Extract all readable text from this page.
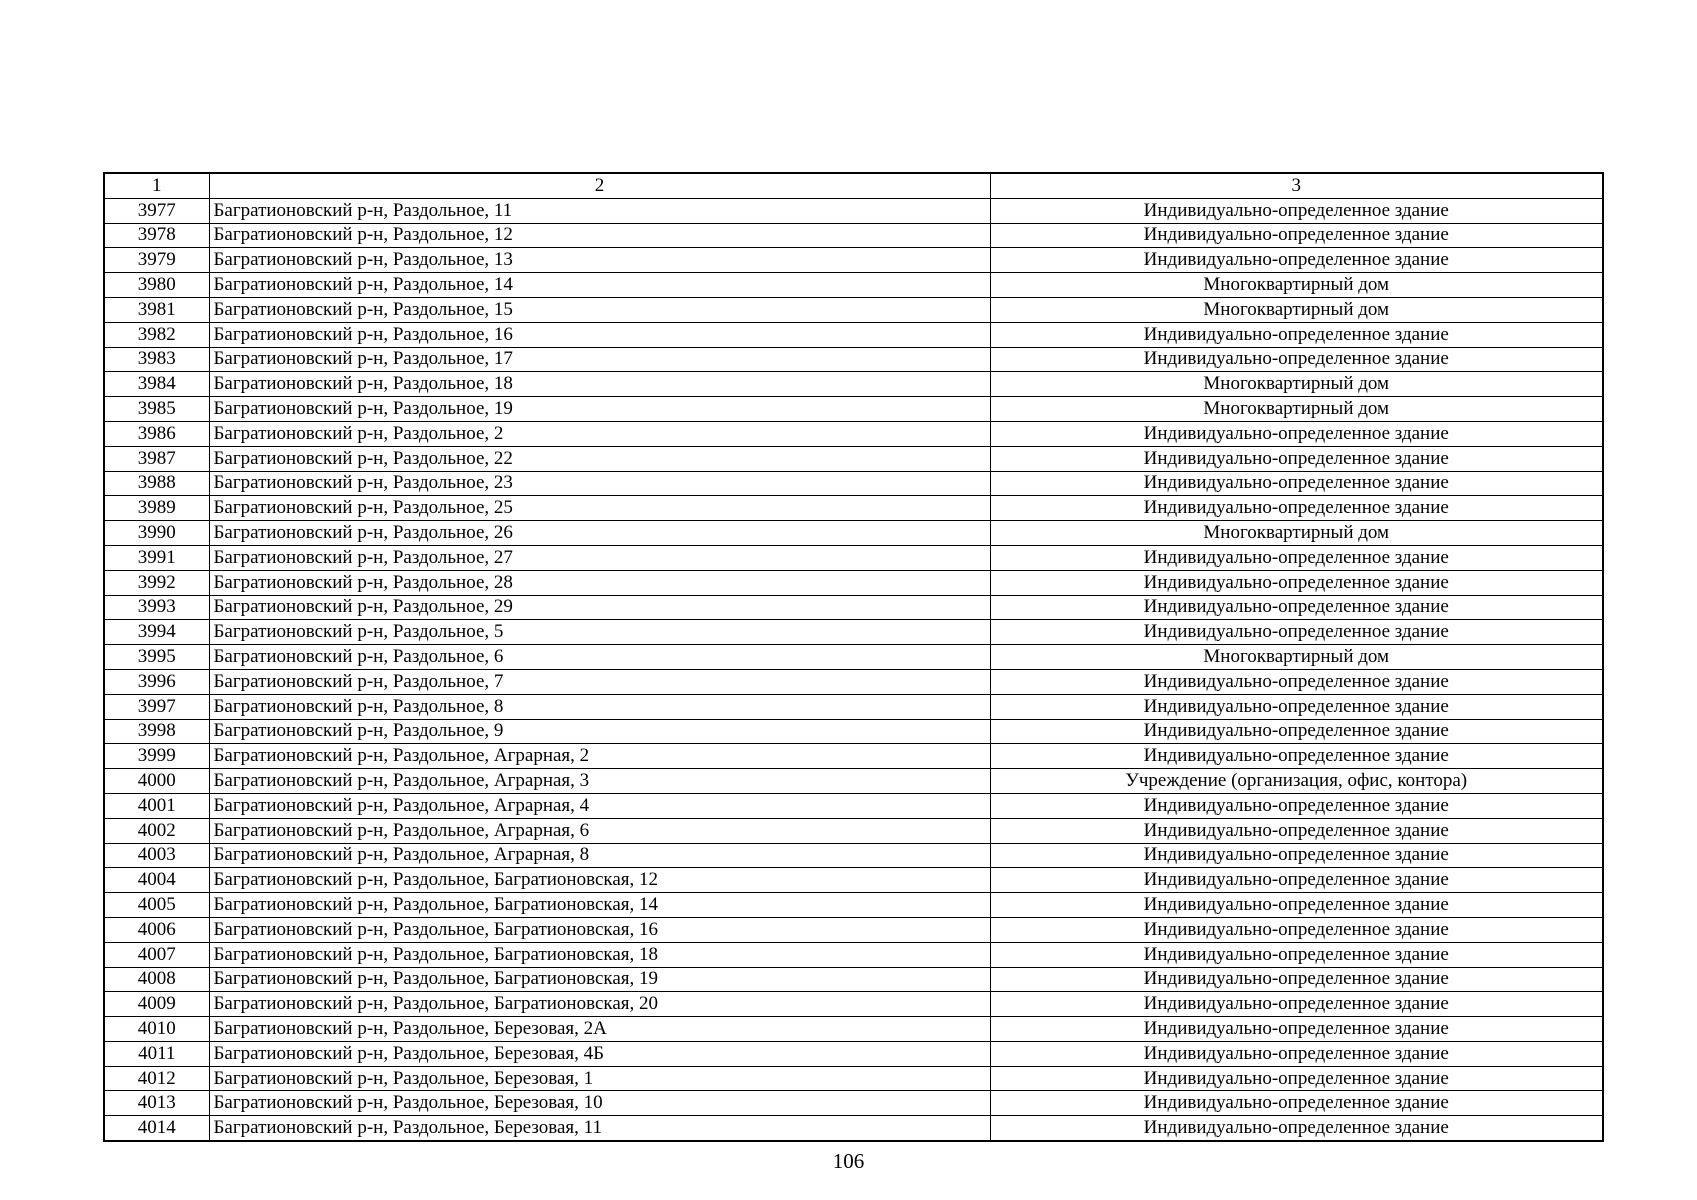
1	2	3
3977	Багратионовский р-н, Раздольное, 11	Индивидуально-определенное здание
3978	Багратионовский р-н, Раздольное, 12	Индивидуально-определенное здание
3979	Багратионовский р-н, Раздольное, 13	Индивидуально-определенное здание
3980	Багратионовский р-н, Раздольное, 14	Многоквартирный дом
3981	Багратионовский р-н, Раздольное, 15	Многоквартирный дом
3982	Багратионовский р-н, Раздольное, 16	Индивидуально-определенное здание
3983	Багратионовский р-н, Раздольное, 17	Индивидуально-определенное здание
3984	Багратионовский р-н, Раздольное, 18	Многоквартирный дом
3985	Багратионовский р-н, Раздольное, 19	Многоквартирный дом
3986	Багратионовский р-н, Раздольное, 2	Индивидуально-определенное здание
3987	Багратионовский р-н, Раздольное, 22	Индивидуально-определенное здание
3988	Багратионовский р-н, Раздольное, 23	Индивидуально-определенное здание
3989	Багратионовский р-н, Раздольное, 25	Индивидуально-определенное здание
3990	Багратионовский р-н, Раздольное, 26	Многоквартирный дом
3991	Багратионовский р-н, Раздольное, 27	Индивидуально-определенное здание
3992	Багратионовский р-н, Раздольное, 28	Индивидуально-определенное здание
3993	Багратионовский р-н, Раздольное, 29	Индивидуально-определенное здание
3994	Багратионовский р-н, Раздольное, 5	Индивидуально-определенное здание
3995	Багратионовский р-н, Раздольное, 6	Многоквартирный дом
3996	Багратионовский р-н, Раздольное, 7	Индивидуально-определенное здание
3997	Багратионовский р-н, Раздольное, 8	Индивидуально-определенное здание
3998	Багратионовский р-н, Раздольное, 9	Индивидуально-определенное здание
3999	Багратионовский р-н, Раздольное, Аграрная, 2	Индивидуально-определенное здание
4000	Багратионовский р-н, Раздольное, Аграрная, 3	Учреждение (организация, офис, контора)
4001	Багратионовский р-н, Раздольное, Аграрная, 4	Индивидуально-определенное здание
4002	Багратионовский р-н, Раздольное, Аграрная, 6	Индивидуально-определенное здание
4003	Багратионовский р-н, Раздольное, Аграрная, 8	Индивидуально-определенное здание
4004	Багратионовский р-н, Раздольное, Багратионовская, 12	Индивидуально-определенное здание
4005	Багратионовский р-н, Раздольное, Багратионовская, 14	Индивидуально-определенное здание
4006	Багратионовский р-н, Раздольное, Багратионовская, 16	Индивидуально-определенное здание
4007	Багратионовский р-н, Раздольное, Багратионовская, 18	Индивидуально-определенное здание
4008	Багратионовский р-н, Раздольное, Багратионовская, 19	Индивидуально-определенное здание
4009	Багратионовский р-н, Раздольное, Багратионовская, 20	Индивидуально-определенное здание
4010	Багратионовский р-н, Раздольное, Березовая, 2А	Индивидуально-определенное здание
4011	Багратионовский р-н, Раздольное, Березовая, 4Б	Индивидуально-определенное здание
4012	Багратионовский р-н, Раздольное, Березовая, 1	Индивидуально-определенное здание
4013	Багратионовский р-н, Раздольное, Березовая, 10	Индивидуально-определенное здание
4014	Багратионовский р-н, Раздольное, Березовая, 11	Индивидуально-определенное здание
106
